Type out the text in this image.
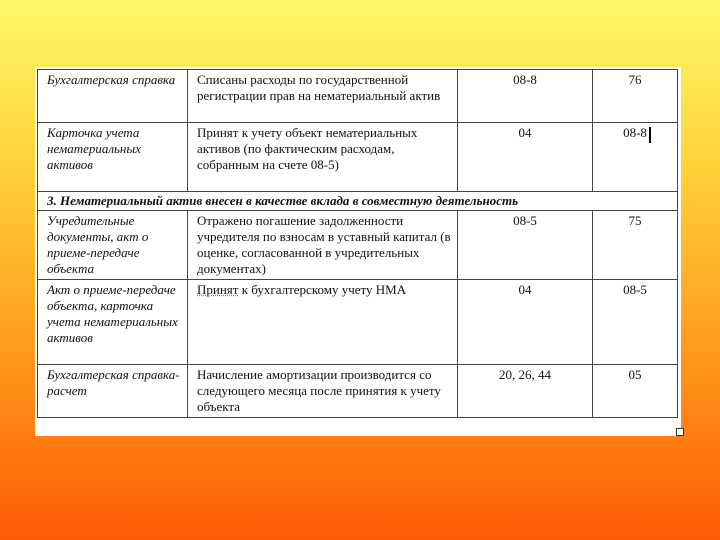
Бухгалтерская справка	Списаны расходы по государственной регистрации прав на нематериальный актив	08-8	76
Карточка учета нематериальных активов	Принят к учету объект нематериальных активов (по фактическим расходам, собранным на счете 08-5)	04	08-8
3. Нематериальный актив внесен в качестве вклада в совместную деятельность			
Учредительные документы, акт о приеме-передаче объекта	Отражено погашение задолженности учредителя по взносам в уставный капитал (в оценке, согласованной в учредительных документах)	08-5	75
Акт о приеме-передаче объекта, карточка учета нематериальных активов	Принят к бухгалтерскому учету НМА	04	08-5
Бухгалтерская справка-расчет	Начисление амортизации производится со следующего месяца после принятия к учету объекта	20, 26, 44	05
